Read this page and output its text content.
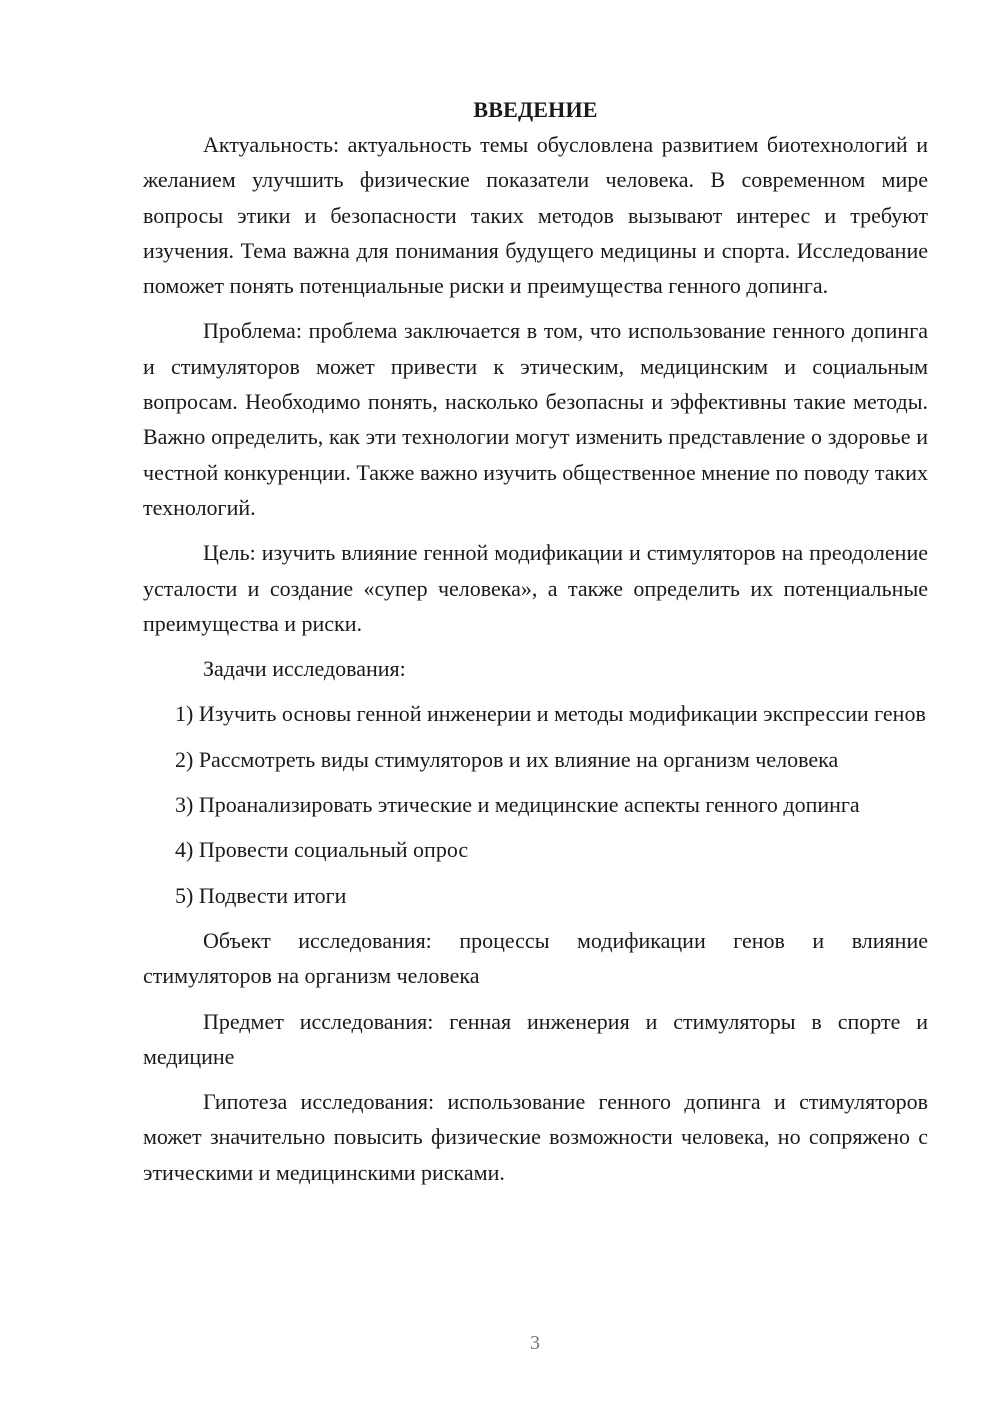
ВВЕДЕНИЕ

Актуальность: актуальность темы обусловлена развитием биотехнологий и желанием улучшить физические показатели человека. В современном мире вопросы этики и безопасности таких методов вызывают интерес и требуют изучения. Тема важна для понимания будущего медицины и спорта. Исследование поможет понять потенциальные риски и преимущества генного допинга.

Проблема: проблема заключается в том, что использование генного допинга и стимуляторов может привести к этическим, медицинским и социальным вопросам. Необходимо понять, насколько безопасны и эффективны такие методы. Важно определить, как эти технологии могут изменить представление о здоровье и честной конкуренции. Также важно изучить общественное мнение по поводу таких технологий.

Цель: изучить влияние генной модификации и стимуляторов на преодоление усталости и создание «супер человека», а также определить их потенциальные преимущества и риски.

Задачи исследования:

1) Изучить основы генной инженерии и методы модификации экспрессии генов

2) Рассмотреть виды стимуляторов и их влияние на организм человека

3) Проанализировать этические и медицинские аспекты генного допинга

4) Провести социальный опрос

5) Подвести итоги

Объект исследования: процессы модификации генов и влияние стимуляторов на организм человека

Предмет исследования: генная инженерия и стимуляторы в спорте и медицине

Гипотеза исследования: использование генного допинга и стимуляторов может значительно повысить физические возможности человека, но сопряжено с этическими и медицинскими рисками.

3
